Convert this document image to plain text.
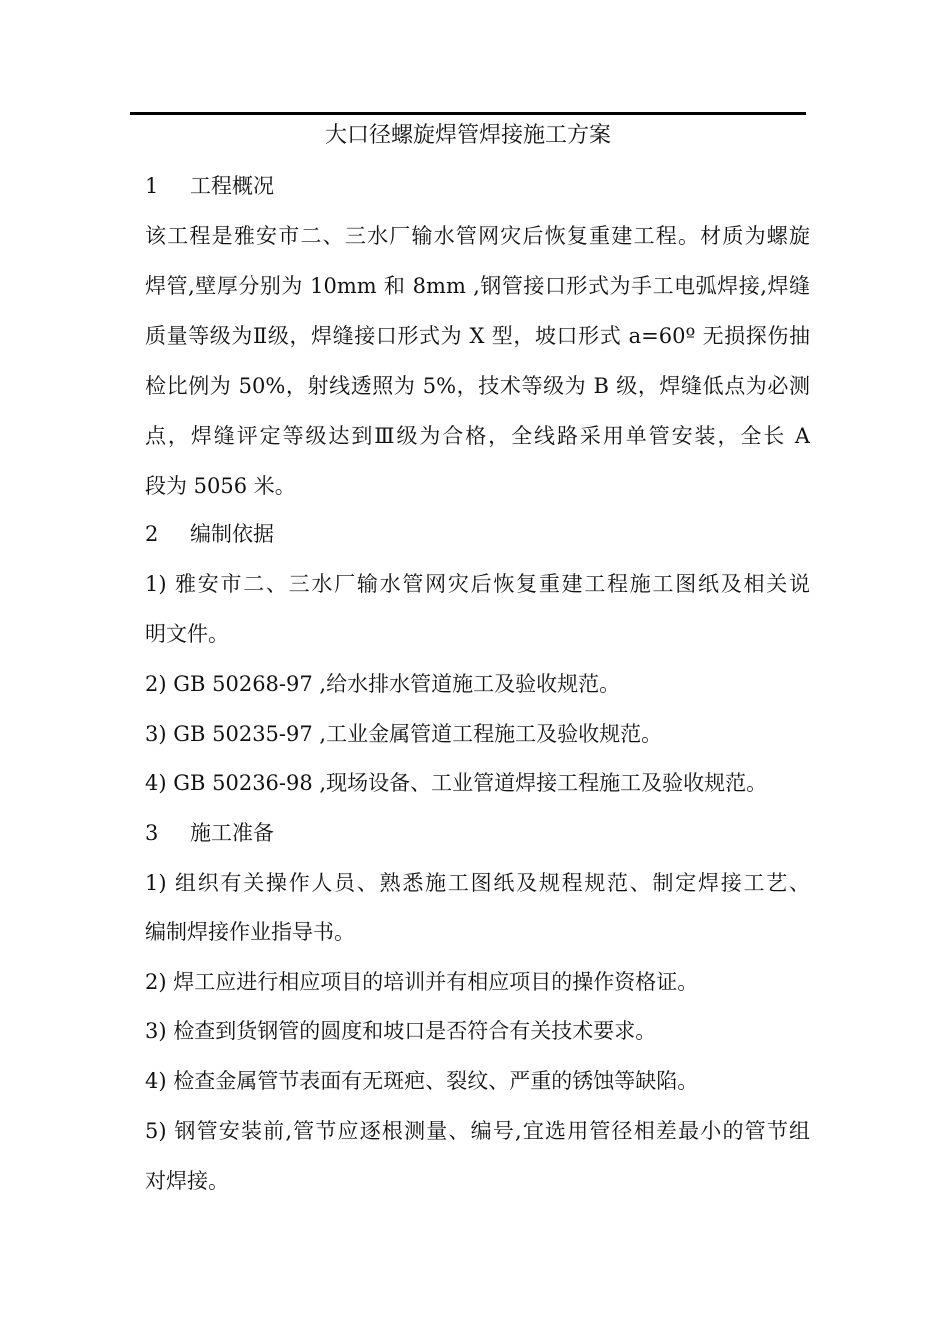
大口径螺旋焊管焊接施工方案
1	工程概况
该工程是雅安市二、三水厂输水管网灾后恢复重建工程。材质为螺旋
焊管,壁厚分别为 10mm 和 8mm ,钢管接口形式为手工电弧焊接,焊缝
质量等级为Ⅱ级，焊缝接口形式为 X 型，坡口形式 a=60º 无损探伤抽
检比例为 50%，射线透照为 5%，技术等级为 B 级，焊缝低点为必测
点，焊缝评定等级达到Ⅲ级为合格，全线路采用单管安装，全长 A
段为 5056 米。
2	编制依据
1) 雅安市二、三水厂输水管网灾后恢复重建工程施工图纸及相关说
明文件。
2) GB 50268-97 ,给水排水管道施工及验收规范。
3) GB 50235-97 ,工业金属管道工程施工及验收规范。
4) GB 50236-98 ,现场设备、工业管道焊接工程施工及验收规范。
3	施工准备
1) 组织有关操作人员、熟悉施工图纸及规程规范、制定焊接工艺、
编制焊接作业指导书。
2) 焊工应进行相应项目的培训并有相应项目的操作资格证。
3) 检查到货钢管的圆度和坡口是否符合有关技术要求。
4) 检查金属管节表面有无斑疤、裂纹、严重的锈蚀等缺陷。
5) 钢管安装前,管节应逐根测量、编号,宜选用管径相差最小的管节组
对焊接。
